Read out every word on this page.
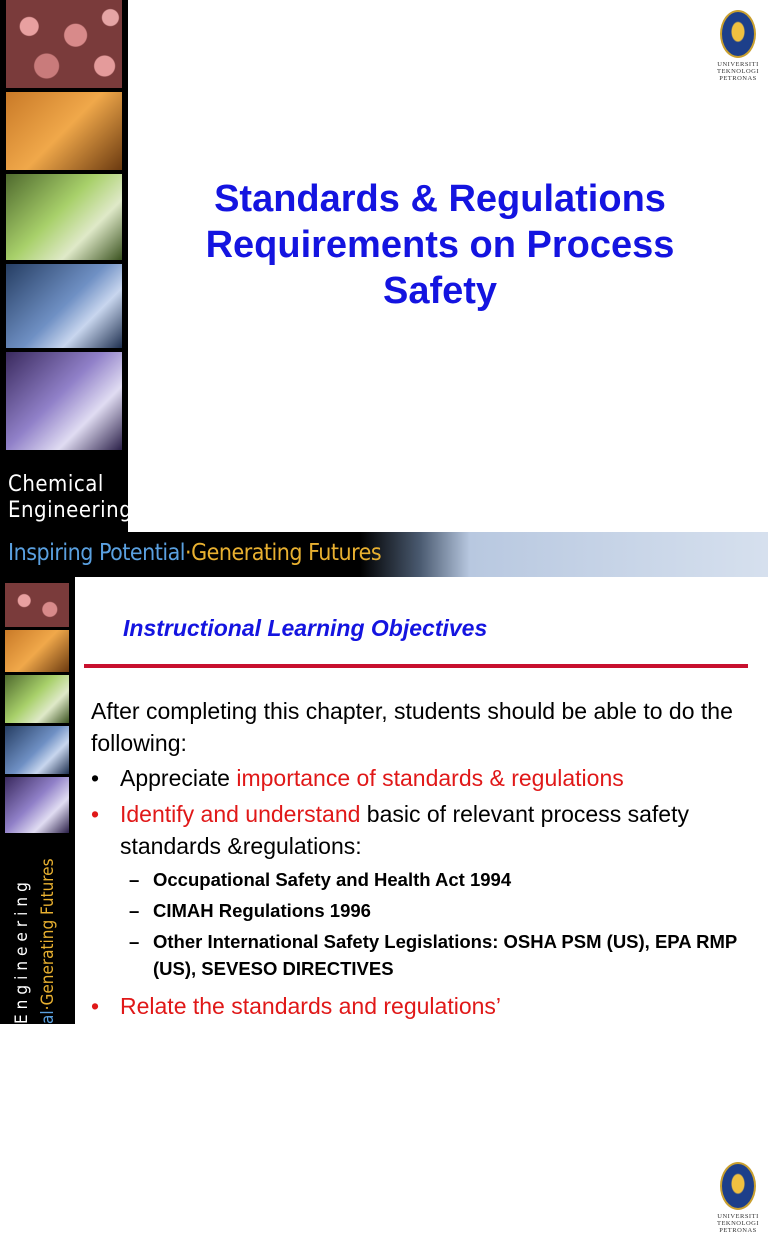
Chemical
Engineering
Inspiring Potential·Generating Futures
UNIVERSITI
TEKNOLOGI
PETRONAS
Standards & Regulations
Requirements on Process
Safety
Engineering al·Generating Futures
UNIVERSITI
TEKNOLOGI
PETRONAS
Instructional Learning Objectives

After completing this chapter, students should be able to do the following:

• Appreciate importance of standards & regulations

• Identify and understand basic of relevant process safety standards &regulations:

– Occupational Safety and Health Act 1994

– CIMAH Regulations 1996

– Other International Safety Legislations: OSHA PSM (US), EPA RMP (US), SEVESO DIRECTIVES

• Relate the standards and regulations’
